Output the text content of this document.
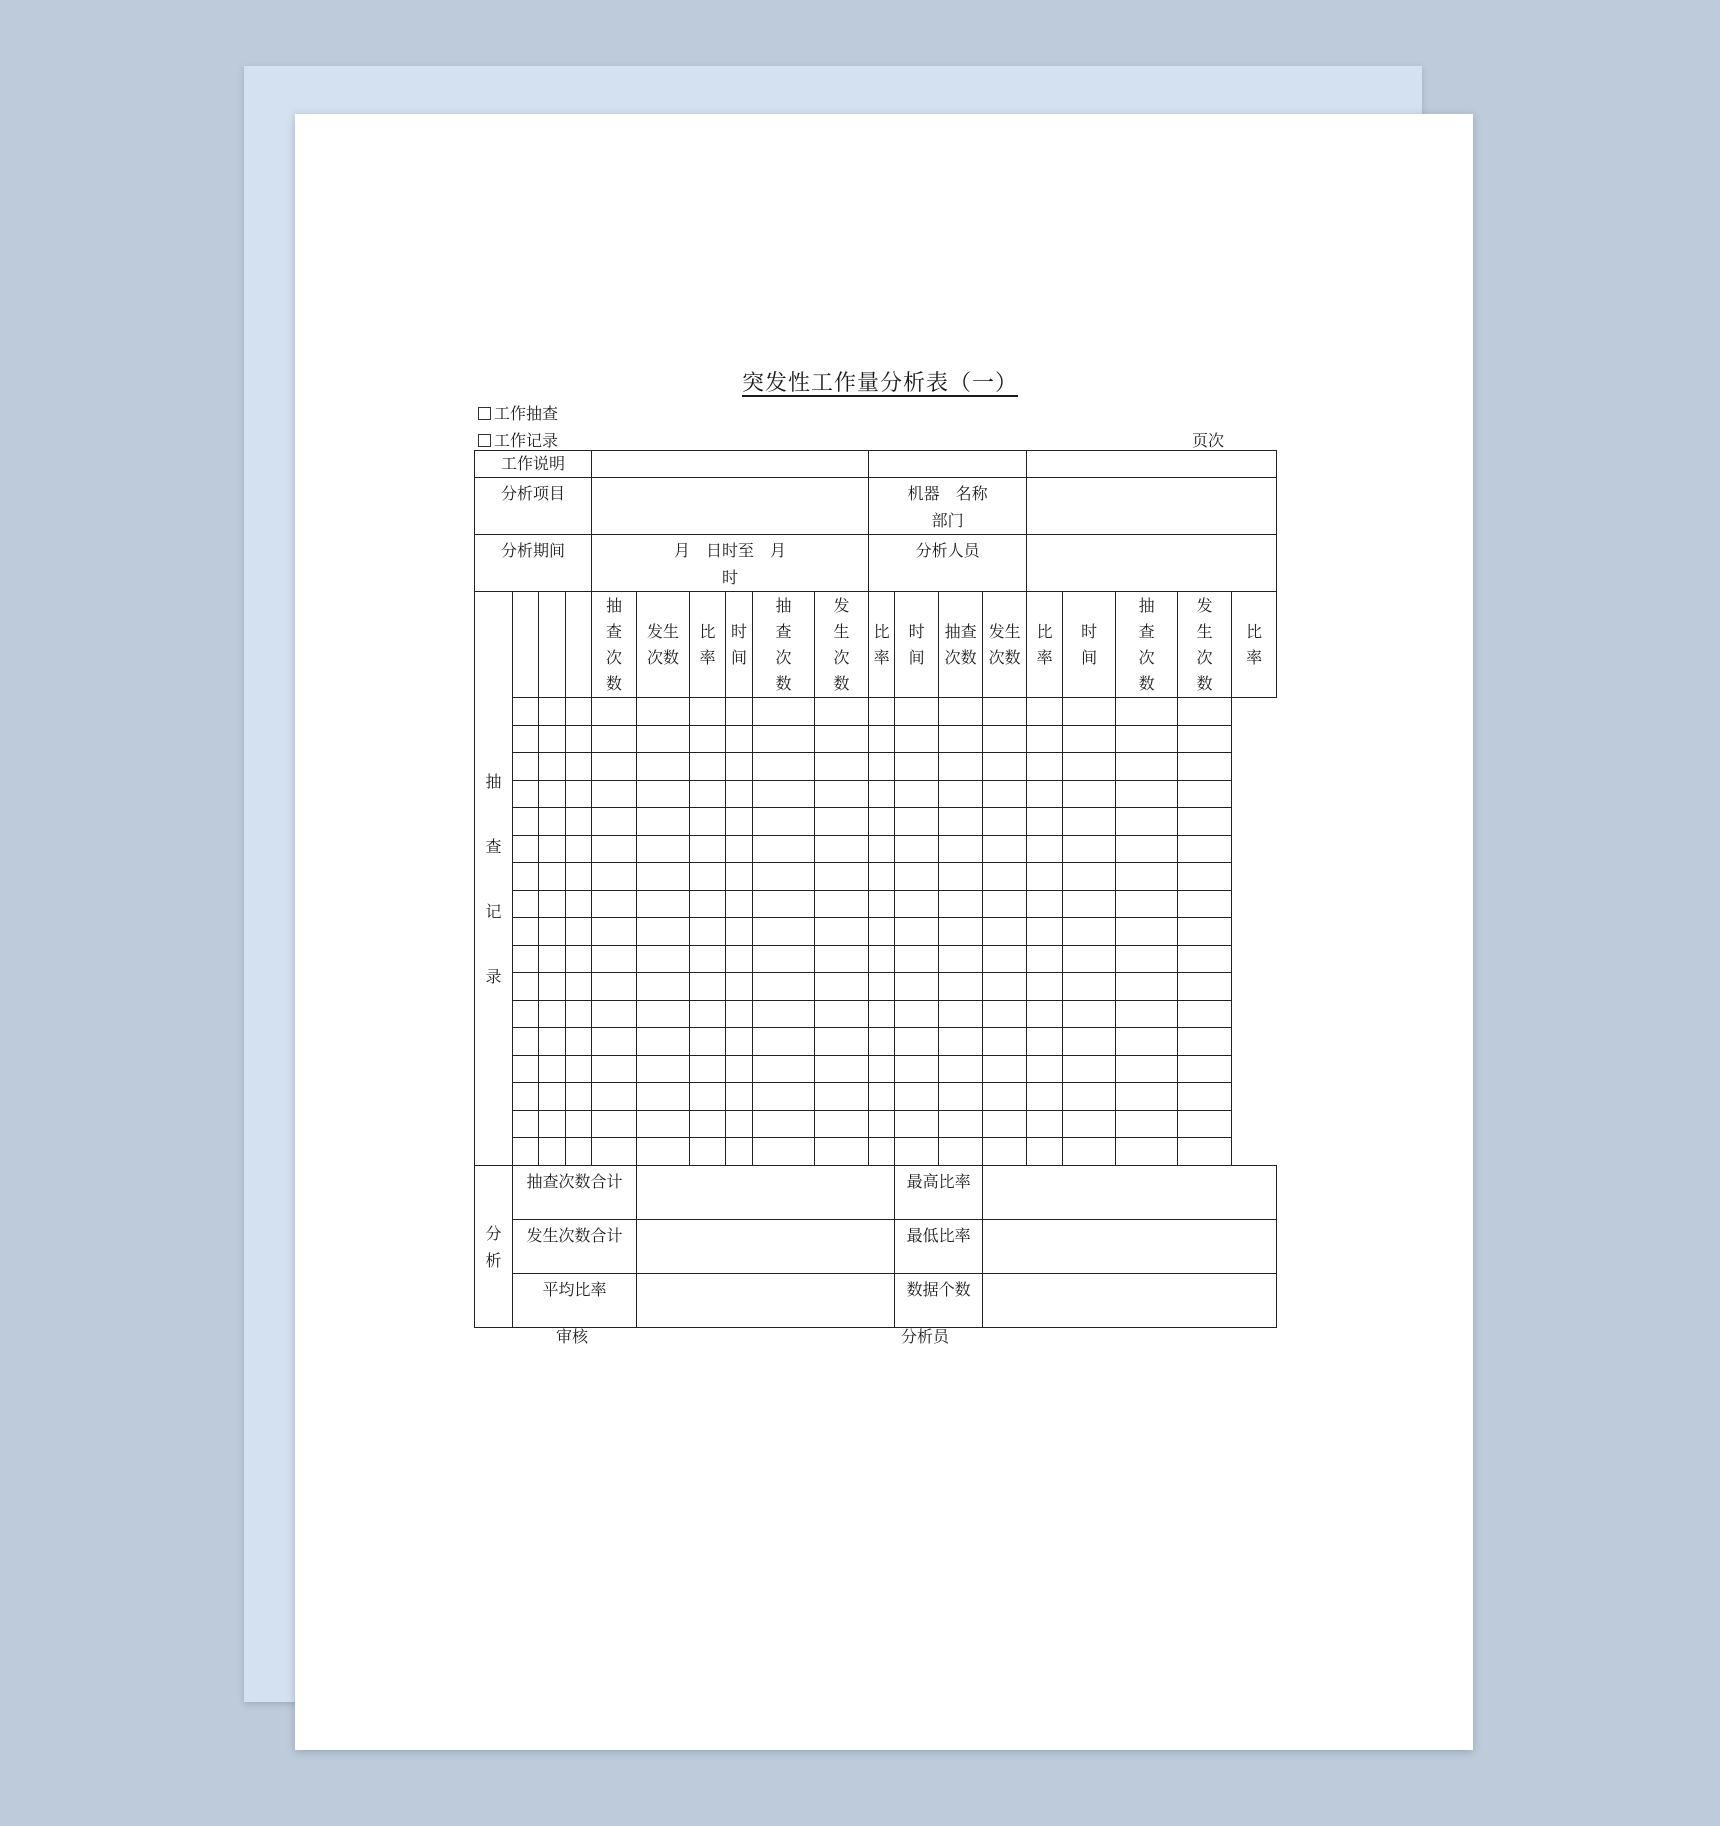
突发性工作量分析表（一）
工作抽查
工作记录	页次
工作说明																		
分析项目										机器　名称
部门								

分析期间				月　日时至　月
时						分析人员								

抽
查
记
录				抽查次数	发生次数	比率	时间	抽查次数	发生次数	比率	时间	抽查次数	发生次数	比率	时间	抽查次数	发生次数	比率

分
析	抽查次数合计										最高比率							
	发生次数合计										最低比率							
	平均比率										数据个数							
审核	分析员
